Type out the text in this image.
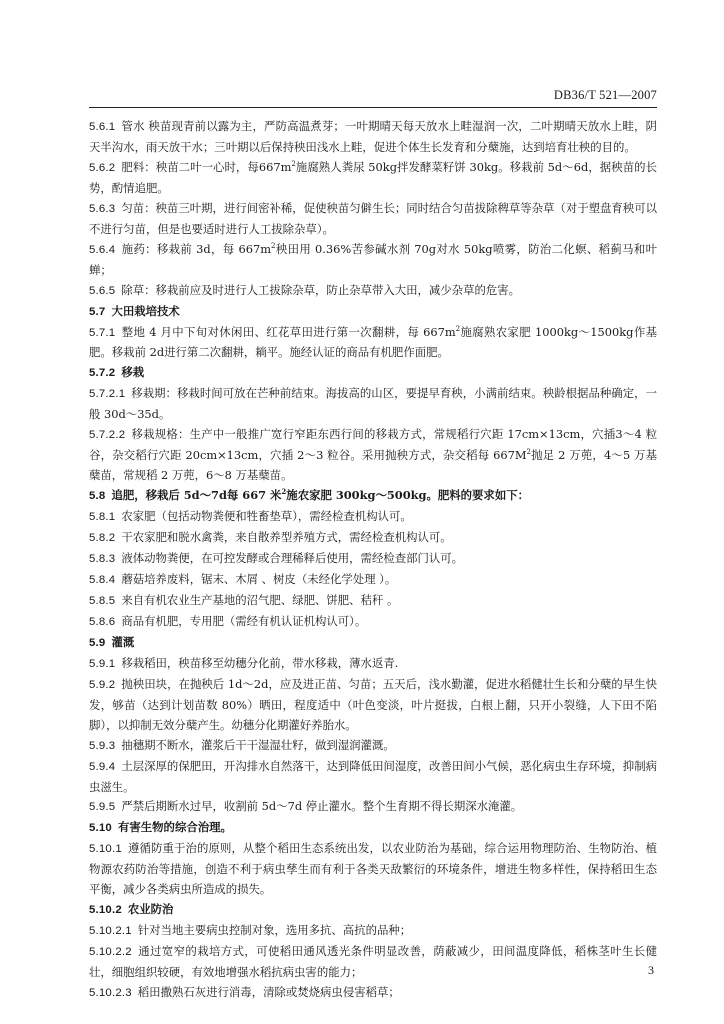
DB36/T 521—2007

5.6.1 管水 秧苗现青前以露为主，严防高温煮芽；一叶期晴天每天放水上畦湿润一次，二叶期晴天放水上畦，阴天半沟水，雨天放干水；三叶期以后保持秧田浅水上畦，促进个体生长发育和分蘖施，达到培育壮秧的目的。

5.6.2 肥料：秧苗二叶一心时，每$667m^2$施腐熟人粪尿 50kg拌发酵菜籽饼 30kg。移栽前 5d～6d，据秧苗的长势，酌情追肥。

5.6.3 匀苗：秧苗三叶期，进行间密补稀，促使秧苗匀僻生长；同时结合匀苗拔除稗草等杂草（对于塑盘育秧可以不进行匀苗，但是也要适时进行人工拔除杂草）。

5.6.4 施药：移栽前 3d，每 $667m^2$秧田用 0.36%苦参碱水剂 70g对水 50kg喷雾，防治二化螟、稻蓟马和叶蝉；

5.6.5 除草：移栽前应及时进行人工拔除杂草，防止杂草带入大田，减少杂草的危害。

5.7 大田栽培技术

5.7.1 整地 4 月中下旬对休闲田、红花草田进行第一次翻耕，每 $667m^2$施腐熟农家肥 1000kg～1500kg作基肥。移栽前 2d进行第二次翻耕，耥平。施经认证的商品有机肥作面肥。

5.7.2 移栽

5.7.2.1 移栽期：移栽时间可放在芒种前结束。海拔高的山区，要提早育秧，小满前结束。秧龄根据品种确定，一般 30d～35d。

5.7.2.2 移栽规格：生产中一般推广宽行窄距东西行间的移栽方式，常规稻行穴距 17cm×13cm，穴插3～4 粒谷，杂交稻行穴距 20cm×13cm，穴插 2～3 粒谷。采用抛秧方式，杂交稻每 $667M^2$抛足 2 万蔸，4～5 万基蘖苗，常规稻 2 万蔸，6～8 万基蘖苗。

5.8 追肥，移栽后 5d～7d每 667 米$^2$施农家肥 300kg～500kg。肥料的要求如下：

5.8.1 农家肥（包括动物粪便和牲畜垫草），需经检查机构认可。

5.8.2 干农家肥和脱水禽粪，来自散养型养殖方式，需经检查机构认可。

5.8.3 液体动物粪便，在可控发酵或合理稀释后使用，需经检查部门认可。

5.8.4 蘑菇培养废料，锯末、木屑 、树皮（未经化学处理 ）。

5.8.5 来自有机农业生产基地的沼气肥、绿肥、饼肥、秸秆 。

5.8.6 商品有机肥，专用肥（需经有机认证机构认可）。

5.9 灌溉

5.9.1 移栽稻田，秧苗移至幼穗分化前，带水移栽，薄水返青.

5.9.2 抛秧田块，在抛秧后 1d～2d，应及进正苗、匀苗；五天后，浅水勤灌，促进水稻健壮生长和分蘖的早生快发，够苗（达到计划苗数 80%）晒田，程度适中（叶色变淡，叶片挺拔，白根上翻，只开小裂缝，人下田不陷脚），以抑制无效分蘖产生。幼穗分化期灌好养胎水。

5.9.3 抽穗期不断水，灌浆后干干湿湿壮籽，做到湿润灌溉。

5.9.4 土层深厚的保肥田，开沟排水自然落干，达到降低田间湿度，改善田间小气候，恶化病虫生存环境，抑制病虫滋生。

5.9.5 严禁后期断水过早，收割前 5d～7d 停止灌水。整个生育期不得长期深水淹灌。

5.10 有害生物的综合治理。

5.10.1 遵循防重于治的原则，从整个稻田生态系统出发，以农业防治为基础，综合运用物理防治、生物防治、植物源农药防治等措施，创造不利于病虫孳生而有利于各类天敌繁衍的环境条件，增进生物多样性，保持稻田生态平衡，减少各类病虫所造成的损失。

5.10.2 农业防治

5.10.2.1 针对当地主要病虫控制对象，选用多抗、高抗的品种；

5.10.2.2 通过宽窄的栽培方式，可使稻田通风透光条件明显改善，荫蔽减少，田间温度降低，稻株茎叶生长健壮，细胞组织较硬，有效地增强水稻抗病虫害的能力；

5.10.2.3 稻田撒熟石灰进行消毒，清除或焚烧病虫侵害稻草；

3
